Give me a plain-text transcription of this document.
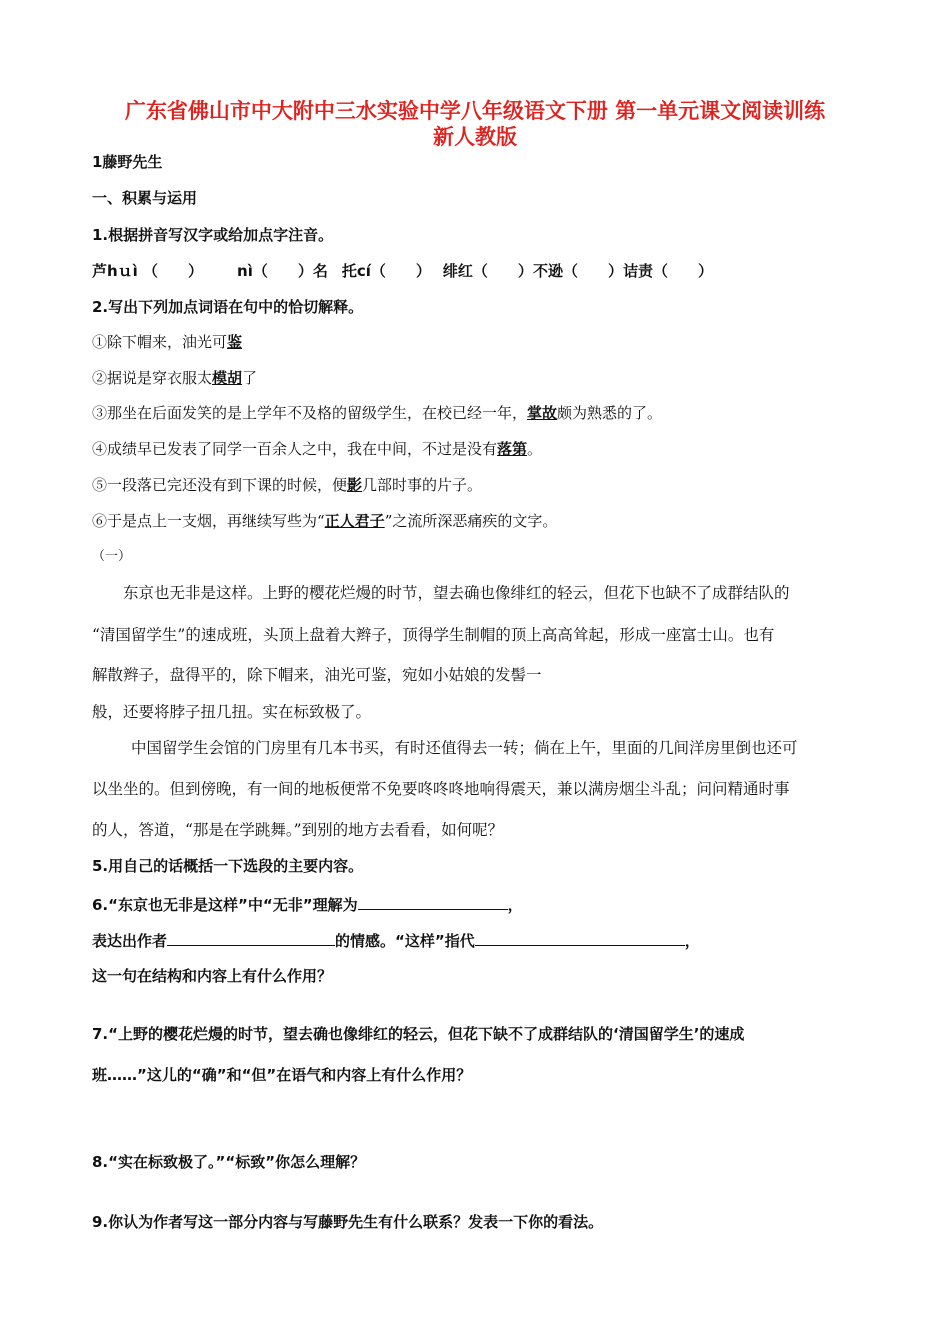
广东省佛山市中大附中三水实验中学八年级语文下册 第一单元课文阅读训练
新人教版
1藤野先生
一、积累与运用
1.根据拼音写汉字或给加点字注音。
芦hｕì （　　） nì（　　）名 托cí（　　） 绯红（　　）不逊（　　）诘责（　　）
2.写出下列加点词语在句中的恰切解释。
①除下帽来，油光可鉴
②据说是穿衣服太模胡了
③那坐在后面发笑的是上学年不及格的留级学生，在校已经一年，掌故颇为熟悉的了。
④成绩早已发表了同学一百余人之中，我在中间，不过是没有落第。
⑤一段落已完还没有到下课的时候，便影几部时事的片子。
⑥于是点上一支烟，再继续写些为“正人君子”之流所深恶痛疾的文字。
（一）
东京也无非是这样。上野的樱花烂熳的时节，望去确也像绯红的轻云，但花下也缺不了成群结队的
“清国留学生”的速成班，头顶上盘着大辫子，顶得学生制帽的顶上高高耸起，形成一座富士山。也有
解散辫子，盘得平的，除下帽来，油光可鉴，宛如小姑娘的发髻一
般，还要将脖子扭几扭。实在标致极了。
中国留学生会馆的门房里有几本书买，有时还值得去一转；倘在上午，里面的几间洋房里倒也还可
以坐坐的。但到傍晚，有一间的地板便常不免要咚咚咚地响得震天，兼以满房烟尘斗乱；问问精通时事
的人，答道，“那是在学跳舞。”到别的地方去看看，如何呢？
5.用自己的话概括一下选段的主要内容。
6.“东京也无非是这样”中“无非”理解为	，
表达出作者	的情感。“这样”指代	，
这一句在结构和内容上有什么作用？
7.“上野的樱花烂熳的时节，望去确也像绯红的轻云，但花下缺不了成群结队的‘清国留学生’的速成
班……”这儿的“确”和“但”在语气和内容上有什么作用？
8.“实在标致极了。”“标致”你怎么理解？
9.你认为作者写这一部分内容与写藤野先生有什么联系？发表一下你的看法。
